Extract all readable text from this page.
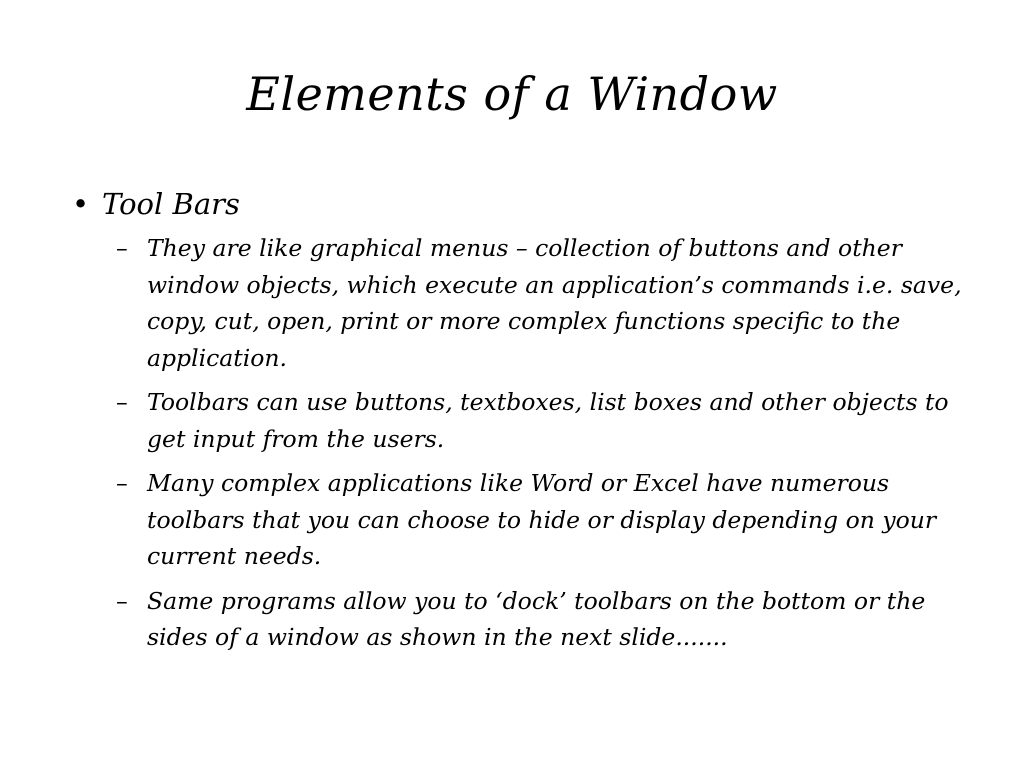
Elements of a Window
• Tool Bars
– They are like graphical menus – collection of buttons and other window objects, which execute an application’s commands i.e. save, copy, cut, open, print or more complex functions specific to the application.
– Toolbars can use buttons, textboxes, list boxes and other objects to get input from the users.
– Many complex applications like Word or Excel have numerous toolbars that you can choose to hide or display depending on your current needs.
– Same programs allow you to ‘dock’ toolbars on the bottom or the sides of a window as shown in the next slide.......
